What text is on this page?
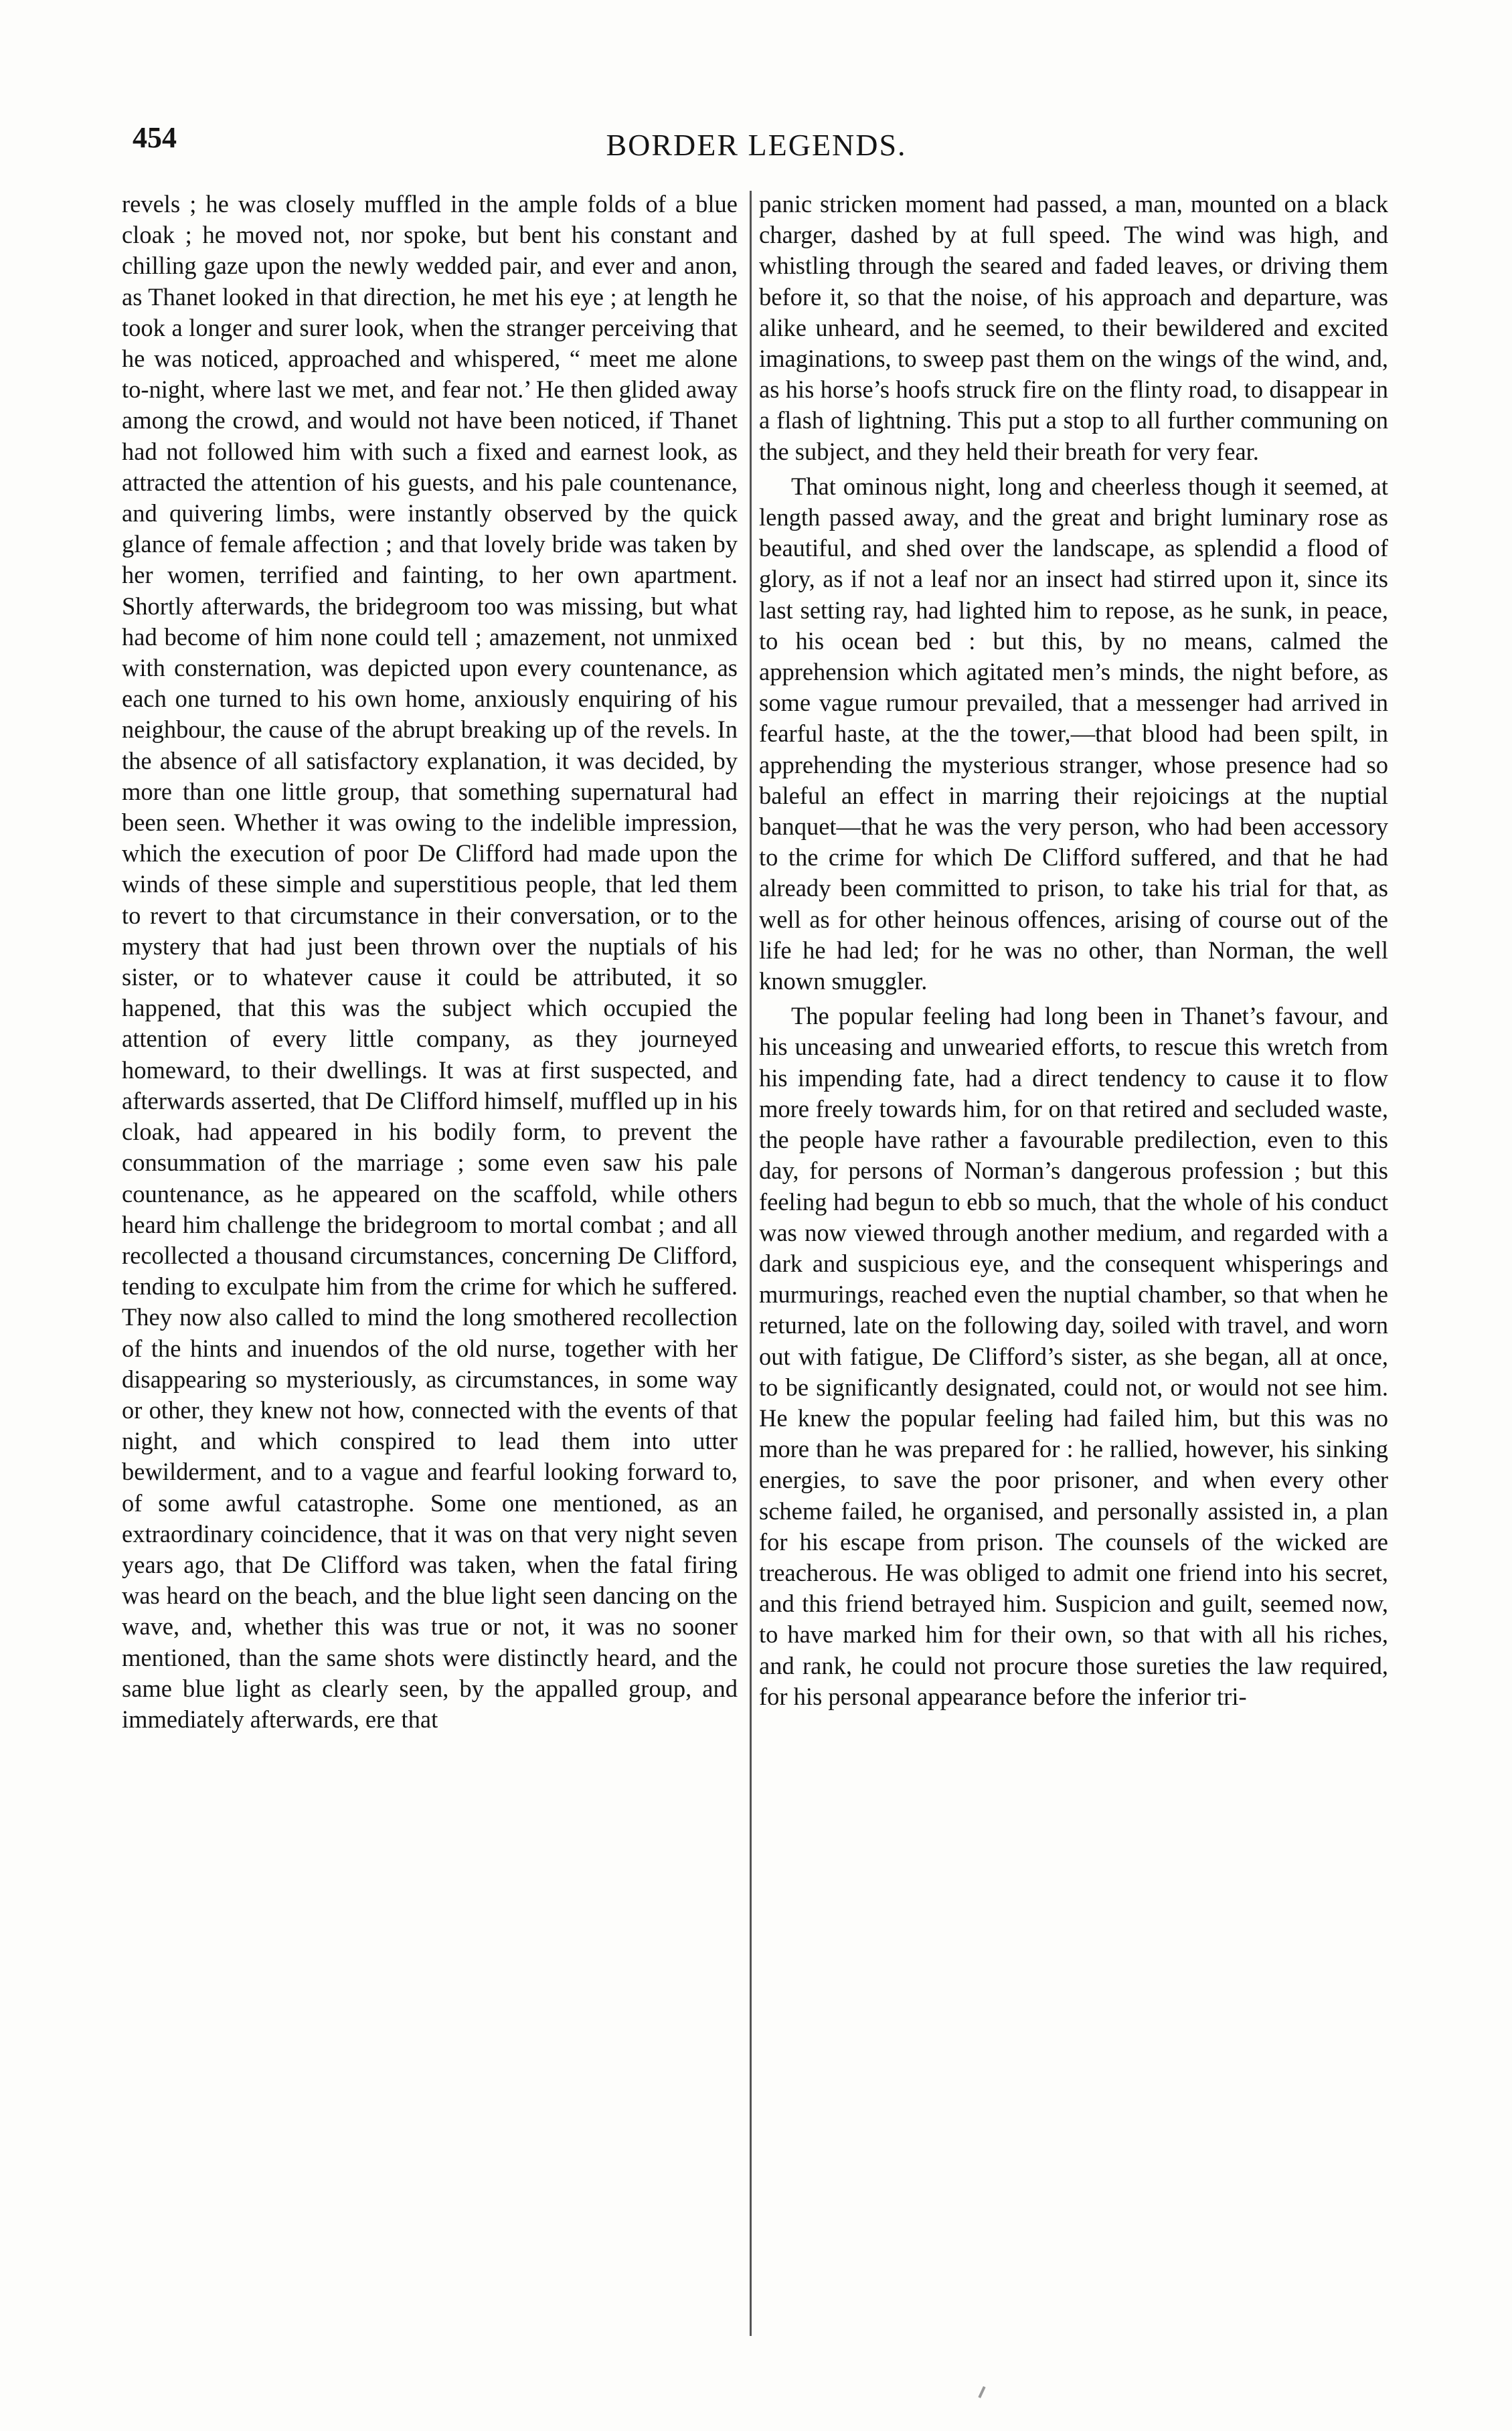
454	BORDER LEGENDS.

revels ; he was closely muffled in the ample folds of a blue cloak ; he moved not, nor spoke, but bent his constant and chilling gaze upon the newly wedded pair, and ever and anon, as Thanet looked in that direction, he met his eye ; at length he took a longer and surer look, when the stranger perceiving that he was noticed, approached and whispered, “ meet me alone to-night, where last we met, and fear not.’ He then glided away among the crowd, and would not have been noticed, if Thanet had not followed him with such a fixed and earnest look, as attracted the attention of his guests, and his pale countenance, and quivering limbs, were instantly observed by the quick glance of female affection ; and that lovely bride was taken by her women, terrified and fainting, to her own apartment. Shortly afterwards, the bridegroom too was missing, but what had become of him none could tell ; amazement, not unmixed with consternation, was depicted upon every countenance, as each one turned to his own home, anxiously enquiring of his neighbour, the cause of the abrupt breaking up of the revels. In the absence of all satisfactory explanation, it was decided, by more than one little group, that something supernatural had been seen. Whether it was owing to the indelible impression, which the execution of poor De Clifford had made upon the winds of these simple and superstitious people, that led them to revert to that circumstance in their conversation, or to the mystery that had just been thrown over the nuptials of his sister, or to whatever cause it could be attributed, it so happened, that this was the subject which occupied the attention of every little company, as they journeyed homeward, to their dwellings. It was at first suspected, and afterwards asserted, that De Clifford himself, muffled up in his cloak, had appeared in his bodily form, to prevent the consummation of the marriage ; some even saw his pale countenance, as he appeared on the scaffold, while others heard him challenge the bridegroom to mortal combat ; and all recollected a thousand circumstances, concerning De Clifford, tending to exculpate him from the crime for which he suffered. They now also called to mind the long smothered recollection of the hints and inuendos of the old nurse, together with her disappearing so mysteriously, as circumstances, in some way or other, they knew not how, connected with the events of that night, and which conspired to lead them into utter bewilderment, and to a vague and fearful looking forward to, of some awful catastrophe. Some one mentioned, as an extraordinary coincidence, that it was on that very night seven years ago, that De Clifford was taken, when the fatal firing was heard on the beach, and the blue light seen dancing on the wave, and, whether this was true or not, it was no sooner mentioned, than the same shots were distinctly heard, and the same blue light as clearly seen, by the appalled group, and immediately afterwards, ere that

panic stricken moment had passed, a man, mounted on a black charger, dashed by at full speed. The wind was high, and whistling through the seared and faded leaves, or driving them before it, so that the noise, of his approach and departure, was alike unheard, and he seemed, to their bewildered and excited imaginations, to sweep past them on the wings of the wind, and, as his horse’s hoofs struck fire on the flinty road, to disappear in a flash of lightning. This put a stop to all further communing on the subject, and they held their breath for very fear.

That ominous night, long and cheerless though it seemed, at length passed away, and the great and bright luminary rose as beautiful, and shed over the landscape, as splendid a flood of glory, as if not a leaf nor an insect had stirred upon it, since its last setting ray, had lighted him to repose, as he sunk, in peace, to his ocean bed : but this, by no means, calmed the apprehension which agitated men’s minds, the night before, as some vague rumour prevailed, that a messenger had arrived in fearful haste, at the the tower,—that blood had been spilt, in apprehending the mysterious stranger, whose presence had so baleful an effect in marring their rejoicings at the nuptial banquet—that he was the very person, who had been accessory to the crime for which De Clifford suffered, and that he had already been committed to prison, to take his trial for that, as well as for other heinous offences, arising of course out of the life he had led; for he was no other, than Norman, the well known smuggler.

The popular feeling had long been in Thanet’s favour, and his unceasing and unwearied efforts, to rescue this wretch from his impending fate, had a direct tendency to cause it to flow more freely towards him, for on that retired and secluded waste, the people have rather a favourable predilection, even to this day, for persons of Norman’s dangerous profession ; but this feeling had begun to ebb so much, that the whole of his conduct was now viewed through another medium, and regarded with a dark and suspicious eye, and the consequent whisperings and murmurings, reached even the nuptial chamber, so that when he returned, late on the following day, soiled with travel, and worn out with fatigue, De Clifford’s sister, as she began, all at once, to be significantly designated, could not, or would not see him. He knew the popular feeling had failed him, but this was no more than he was prepared for : he rallied, however, his sinking energies, to save the poor prisoner, and when every other scheme failed, he organised, and personally assisted in, a plan for his escape from prison. The counsels of the wicked are treacherous. He was obliged to admit one friend into his secret, and this friend betrayed him. Suspicion and guilt, seemed now, to have marked him for their own, so that with all his riches, and rank, he could not procure those sureties the law required, for his personal appearance before the inferior tri-
